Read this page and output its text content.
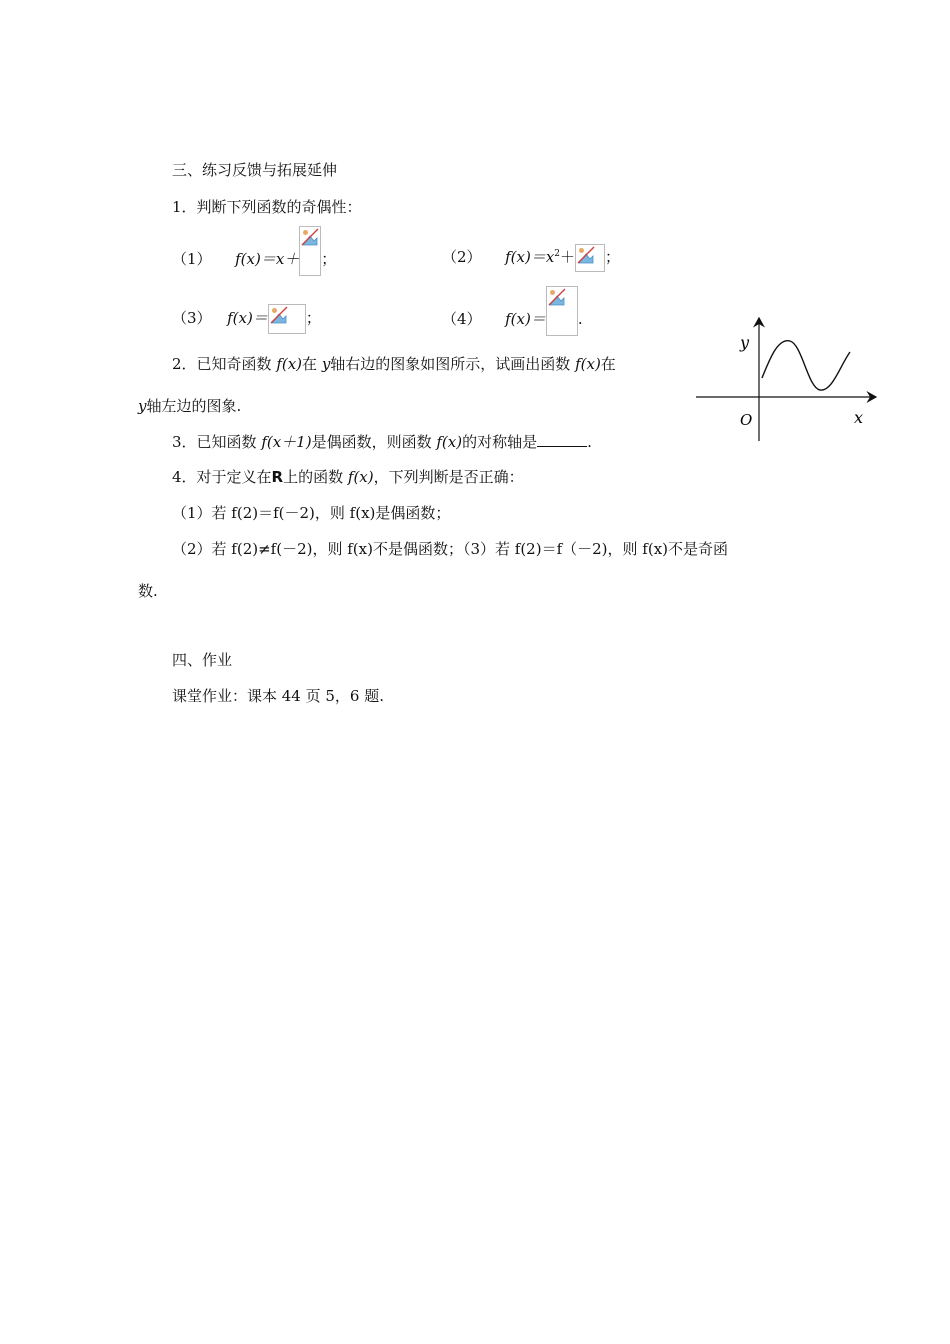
三、练习反馈与拓展延伸
1．判断下列函数的奇偶性：
（1） f(x)＝x＋ ；	（2） $f(x)=x^2+$ ；
（3） f(x)＝	；	（4） f(x)＝ .
2．已知奇函数 f(x)在 y轴右边的图象如图所示，试画出函数 f(x)在
y轴左边的图象.
y
x
O
3．已知函数 f(x＋1)是偶函数，则函数 f(x)的对称轴是	.
4．对于定义在R上的函数 f(x)，下列判断是否正确：
（1）若 f(2)＝f(－2)，则 f(x)是偶函数；
（2）若 f(2)≠f(－2)，则 f(x)不是偶函数；（3）若 f(2)＝f（－2)，则 f(x)不是奇函
数.
四、作业
课堂作业：课本 44 页 5，6 题.
